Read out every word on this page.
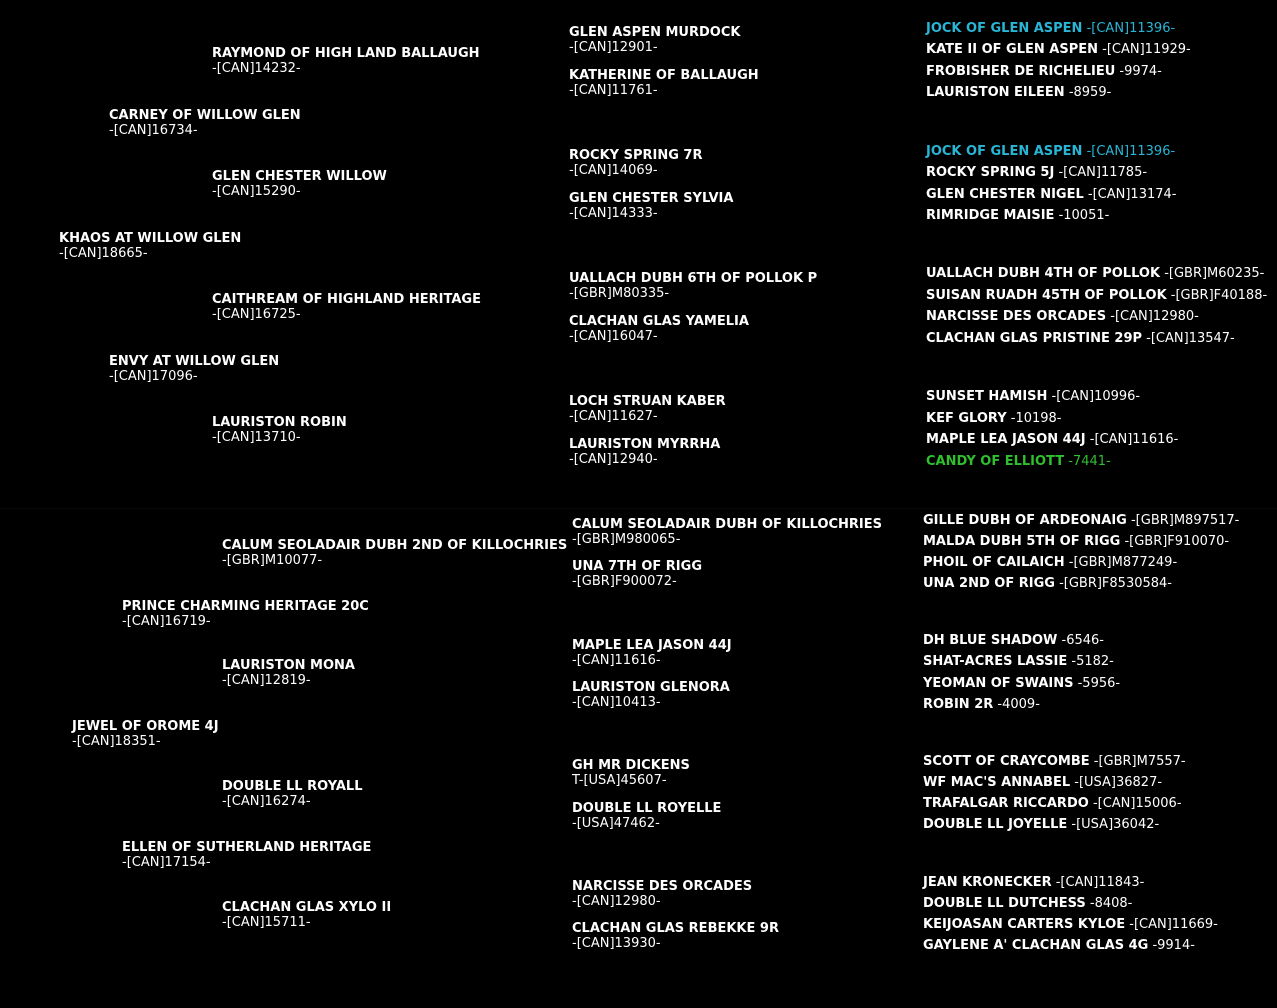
KHAOS AT WILLOW GLEN
-[CAN]18665-
CARNEY OF WILLOW GLEN
-[CAN]16734-
ENVY AT WILLOW GLEN
-[CAN]17096-
JEWEL OF OROME 4J
-[CAN]18351-
PRINCE CHARMING HERITAGE 20C
-[CAN]16719-
ELLEN OF SUTHERLAND HERITAGE
-[CAN]17154-
RAYMOND OF HIGH LAND BALLAUGH
-[CAN]14232-
GLEN CHESTER WILLOW
-[CAN]15290-
CAITHREAM OF HIGHLAND HERITAGE
-[CAN]16725-
LAURISTON ROBIN
-[CAN]13710-
CALUM SEOLADAIR DUBH 2ND OF KILLOCHRIES
-[GBR]M10077-
LAURISTON MONA
-[CAN]12819-
DOUBLE LL ROYALL
-[CAN]16274-
CLACHAN GLAS XYLO II
-[CAN]15711-
GLEN ASPEN MURDOCK
-[CAN]12901-
KATHERINE OF BALLAUGH
-[CAN]11761-
ROCKY SPRING 7R
-[CAN]14069-
GLEN CHESTER SYLVIA
-[CAN]14333-
UALLACH DUBH 6TH OF POLLOK P
-[GBR]M80335-
CLACHAN GLAS YAMELIA
-[CAN]16047-
LOCH STRUAN KABER
-[CAN]11627-
LAURISTON MYRRHA
-[CAN]12940-
CALUM SEOLADAIR DUBH OF KILLOCHRIES
-[GBR]M980065-
UNA 7TH OF RIGG
-[GBR]F900072-
MAPLE LEA JASON 44J
-[CAN]11616-
LAURISTON GLENORA
-[CAN]10413-
GH MR DICKENS
T-[USA]45607-
DOUBLE LL ROYELLE
-[USA]47462-
NARCISSE DES ORCADES
-[CAN]12980-
CLACHAN GLAS REBEKKE 9R
-[CAN]13930-
JOCK OF GLEN ASPEN -[CAN]11396-
KATE II OF GLEN ASPEN -[CAN]11929-
FROBISHER DE RICHELIEU -9974-
LAURISTON EILEEN -8959-
JOCK OF GLEN ASPEN -[CAN]11396-
ROCKY SPRING 5J -[CAN]11785-
GLEN CHESTER NIGEL -[CAN]13174-
RIMRIDGE MAISIE -10051-
UALLACH DUBH 4TH OF POLLOK -[GBR]M60235-
SUISAN RUADH 45TH OF POLLOK -[GBR]F40188-
NARCISSE DES ORCADES -[CAN]12980-
CLACHAN GLAS PRISTINE 29P -[CAN]13547-
SUNSET HAMISH -[CAN]10996-
KEF GLORY -10198-
MAPLE LEA JASON 44J -[CAN]11616-
CANDY OF ELLIOTT -7441-
GILLE DUBH OF ARDEONAIG -[GBR]M897517-
MALDA DUBH 5TH OF RIGG -[GBR]F910070-
PHOIL OF CAILAICH -[GBR]M877249-
UNA 2ND OF RIGG -[GBR]F8530584-
DH BLUE SHADOW -6546-
SHAT-ACRES LASSIE -5182-
YEOMAN OF SWAINS -5956-
ROBIN 2R -4009-
SCOTT OF CRAYCOMBE -[GBR]M7557-
WF MAC'S ANNABEL -[USA]36827-
TRAFALGAR RICCARDO -[CAN]15006-
DOUBLE LL JOYELLE -[USA]36042-
JEAN KRONECKER -[CAN]11843-
DOUBLE LL DUTCHESS -8408-
KEIJOASAN CARTERS KYLOE -[CAN]11669-
GAYLENE A' CLACHAN GLAS 4G -9914-
